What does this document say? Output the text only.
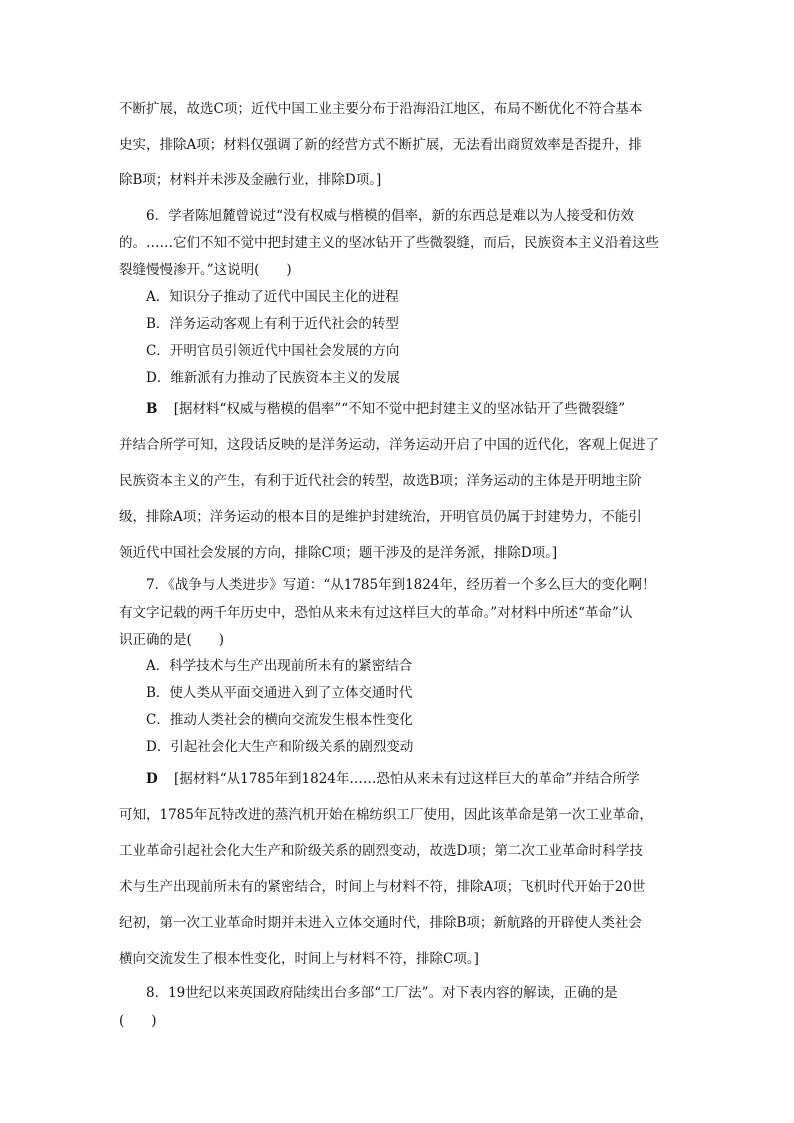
不断扩展，故选C项；近代中国工业主要分布于沿海沿江地区，布局不断优化不符合基本
史实，排除A项；材料仅强调了新的经营方式不断扩展，无法看出商贸效率是否提升，排
除B项；材料并未涉及金融行业，排除D项。]
6．学者陈旭麓曾说过“没有权威与楷模的倡率，新的东西总是难以为人接受和仿效
的。……它们不知不觉中把封建主义的坚冰钻开了些微裂缝，而后，民族资本主义沿着这些
裂缝慢慢渗开。”这说明(　　)
A．知识分子推动了近代中国民主化的进程
B．洋务运动客观上有利于近代社会的转型
C．开明官员引领近代中国社会发展的方向
D．维新派有力推动了民族资本主义的发展
B [据材料“权威与楷模的倡率”“不知不觉中把封建主义的坚冰钻开了些微裂缝”
并结合所学可知，这段话反映的是洋务运动，洋务运动开启了中国的近代化，客观上促进了
民族资本主义的产生，有利于近代社会的转型，故选B项；洋务运动的主体是开明地主阶
级，排除A项；洋务运动的根本目的是维护封建统治，开明官员仍属于封建势力，不能引
领近代中国社会发展的方向，排除C项；题干涉及的是洋务派，排除D项。]
7．《战争与人类进步》写道：“从1785年到1824年，经历着一个多么巨大的变化啊！
有文字记载的两千年历史中，恐怕从来未有过这样巨大的革命。”对材料中所述“革命”认
识正确的是(　　)
A．科学技术与生产出现前所未有的紧密结合
B．使人类从平面交通进入到了立体交通时代
C．推动人类社会的横向交流发生根本性变化
D．引起社会化大生产和阶级关系的剧烈变动
D [据材料“从1785年到1824年……恐怕从来未有过这样巨大的革命”并结合所学
可知，1785年瓦特改进的蒸汽机开始在棉纺织工厂使用，因此该革命是第一次工业革命，
工业革命引起社会化大生产和阶级关系的剧烈变动，故选D项；第二次工业革命时科学技
术与生产出现前所未有的紧密结合，时间上与材料不符，排除A项；飞机时代开始于20世
纪初，第一次工业革命时期并未进入立体交通时代，排除B项；新航路的开辟使人类社会
横向交流发生了根本性变化，时间上与材料不符，排除C项。]
8．19世纪以来英国政府陆续出台多部“工厂法”。对下表内容的解读，正确的是
(　　)
